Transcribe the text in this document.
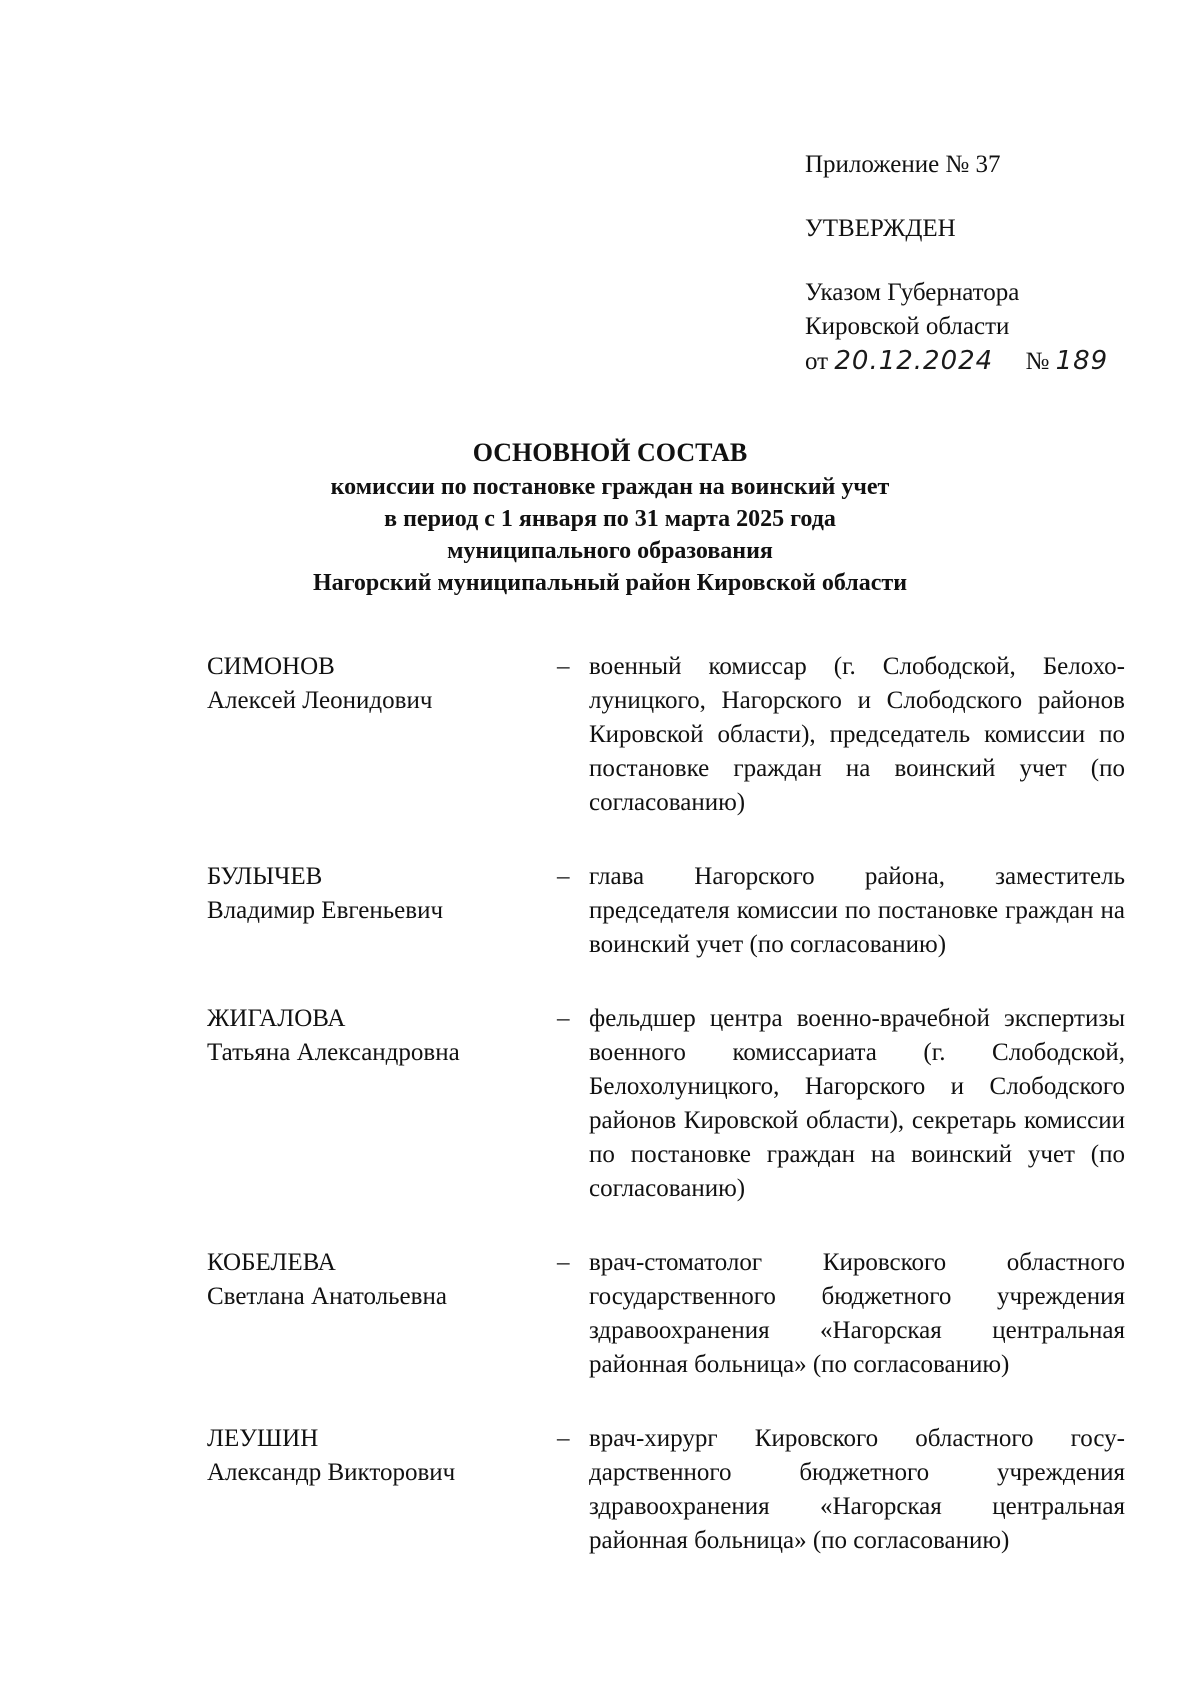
Приложение № 37
УТВЕРЖДЕН
Указом Губернатора
Кировской области
от 20.12.2024 № 189
ОСНОВНОЙ СОСТАВ
комиссии по постановке граждан на воинский учет
в период с 1 января по 31 марта 2025 года
муниципального образования
Нагорский муниципальный район Кировской области
СИМОНОВ
Алексей Леонидович
– военный комиссар (г. Слободской, Белохолуницкого, Нагорского и Слободского районов Кировской области), председатель комиссии по постановке граждан на воинский учет (по согласованию)
БУЛЫЧЕВ
Владимир Евгеньевич
– глава Нагорского района, заместитель председателя комиссии по постановке граждан на воинский учет (по согласованию)
ЖИГАЛОВА
Татьяна Александровна
– фельдшер центра военно-врачебной экспертизы военного комиссариата (г. Слободской, Белохолуницкого, Нагорского и Слободского районов Кировской области), секретарь комиссии по постановке граждан на воинский учет (по согласованию)
КОБЕЛЕВА
Светлана Анатольевна
– врач-стоматолог Кировского областного государственного бюджетного учреждения здравоохранения «Нагорская центральная районная больница» (по согласованию)
ЛЕУШИН
Александр Викторович
– врач-хирург Кировского областного государственного бюджетного учреждения здравоохранения «Нагорская центральная районная больница» (по согласованию)
